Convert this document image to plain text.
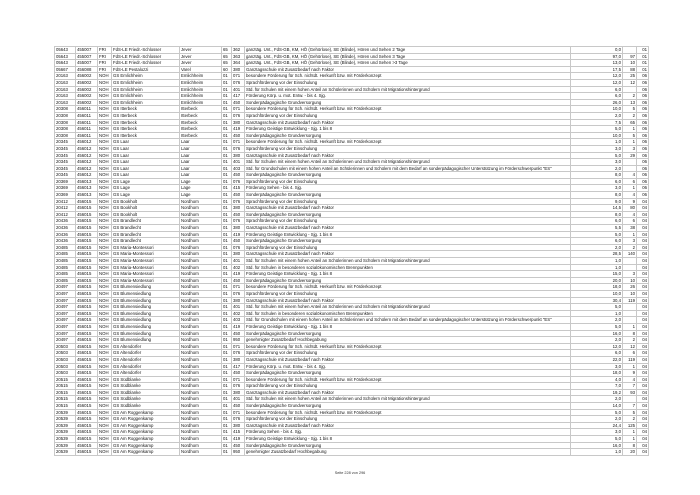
05643	455007	FRI	FdS-LE Friedr.-Schlosser	Jever	65	362	ganztäg. Unt., FdS-GB, KM, HÖ (Gehörlose), SE (Blinde), Hören und Sehen 2 Tage	0,0		01
05643	455007	FRI	FdS-LE Friedr.-Schlosser	Jever	65	363	ganztäg. Unt., FdS-GB, KM, HÖ (Gehörlose), SE (Blinde), Hören und Sehen 3 Tage	97,0	97	01
05643	455007	FRI	FdS-LE Friedr.-Schlosser	Jever	65	364	ganztäg. Unt., FdS-GB, KM, HÖ (Gehörlose), SE (Blinde), Hören und Sehen >3 Tage	13,0	10	01
05667	456088	FRI	FdS-LE Pestalozzi	Varel	60	380	Ganztagsschule mit Zusatzbedarf nach Faktor	17,5	88	01
20163	456002	NOH	GS Emlichheim	Emlichheim	01	071	besondere Förderung für Sch. nichtdt. Herkunft bzw. mit Förderkonzept	12,0	25	06
20163	456002	NOH	GS Emlichheim	Emlichheim	01	076	Sprachförderung vor der Einschulung	12,0	12	06
20163	456002	NOH	GS Emlichheim	Emlichheim	01	401	Std. für Schulen mit einem hohen Anteil an Schülerinnen und Schülern mit Migrationshintergrund	6,0		06
20163	456002	NOH	GS Emlichheim	Emlichheim	01	417	Förderung Körp. u. mot. Entw. - bis 4. Sjg.	6,0	2	06
20163	456002	NOH	GS Emlichheim	Emlichheim	01	450	Sonderpädagogische Grundversorgung	26,0	13	06
20308	456011	NOH	GS Itterbeck	Itterbeck	01	071	besondere Förderung für Sch. nichtdt. Herkunft bzw. mit Förderkonzept	10,0	5	06
20308	456011	NOH	GS Itterbeck	Itterbeck	01	076	Sprachförderung vor der Einschulung	2,0	2	06
20308	456011	NOH	GS Itterbeck	Itterbeck	01	380	Ganztagsschule mit Zusatzbedarf nach Faktor	7,5	65	06
20308	456011	NOH	GS Itterbeck	Itterbeck	01	419	Förderung Geistige Entwicklung - Sjg. 1 bis 8	5,0	1	06
20308	456011	NOH	GS Itterbeck	Itterbeck	01	450	Sonderpädagogische Grundversorgung	10,0	5	06
20345	456012	NOH	GS Laar	Laar	01	071	besondere Förderung für Sch. nichtdt. Herkunft bzw. mit Förderkonzept	1,0	1	06
20345	456012	NOH	GS Laar	Laar	01	076	Sprachförderung vor der Einschulung	3,0	3	06
20345	456012	NOH	GS Laar	Laar	01	380	Ganztagsschule mit Zusatzbedarf nach Faktor	5,0	29	06
20345	456012	NOH	GS Laar	Laar	01	401	Std. für Schulen mit einem hohen Anteil an Schülerinnen und Schülern mit Migrationshintergrund	3,0		06
20345	456012	NOH	GS Laar	Laar	01	403	Std. für Grundschulen mit einem hohen Anteil an Schülerinnen und Schülern mit dem Bedarf an sonderpädagogischer Unterstützung im Förderschwerpunkt "ES"	2,0		06
20345	456012	NOH	GS Laar	Laar	01	450	Sonderpädagogische Grundversorgung	8,0	4	06
20369	456013	NOH	GS Lage	Lage	01	076	Sprachförderung vor der Einschulung	6,0	6	06
20369	456013	NOH	GS Lage	Lage	01	415	Förderung Sehen - bis 4. Sjg.	3,0	1	06
20369	456013	NOH	GS Lage	Lage	01	450	Sonderpädagogische Grundversorgung	8,0	4	06
20412	456015	NOH	GS Bookholt	Nordhorn	01	076	Sprachförderung vor der Einschulung	9,0	9	04
20412	456015	NOH	GS Bookholt	Nordhorn	01	380	Ganztagsschule mit Zusatzbedarf nach Faktor	14,5	80	04
20412	456015	NOH	GS Bookholt	Nordhorn	01	450	Sonderpädagogische Grundversorgung	8,0	4	04
20436	456015	NOH	GS Brandlecht	Nordhorn	01	076	Sprachförderung vor der Einschulung	6,0	6	04
20436	456015	NOH	GS Brandlecht	Nordhorn	01	380	Ganztagsschule mit Zusatzbedarf nach Faktor	5,5	38	04
20436	456015	NOH	GS Brandlecht	Nordhorn	01	419	Förderung Geistige Entwicklung - Sjg. 1 bis 8	5,0	1	04
20436	456015	NOH	GS Brandlecht	Nordhorn	01	450	Sonderpädagogische Grundversorgung	6,0	3	04
20485	456015	NOH	GS Maria-Montessori	Nordhorn	01	076	Sprachförderung vor der Einschulung	2,0	2	04
20485	456015	NOH	GS Maria-Montessori	Nordhorn	01	380	Ganztagsschule mit Zusatzbedarf nach Faktor	28,5	140	04
20485	456015	NOH	GS Maria-Montessori	Nordhorn	01	401	Std. für Schulen mit einem hohen Anteil an Schülerinnen und Schülern mit Migrationshintergrund	1,0		04
20485	456015	NOH	GS Maria-Montessori	Nordhorn	01	402	Std. für Schulen in besonderen sozialökonomischen Brennpunkten	1,0		04
20485	456015	NOH	GS Maria-Montessori	Nordhorn	01	419	Förderung Geistige Entwicklung - Sjg. 1 bis 8	15,0	3	04
20485	456015	NOH	GS Maria-Montessori	Nordhorn	01	450	Sonderpädagogische Grundversorgung	20,0	10	04
20497	456015	NOH	GS Blumensiedlung	Nordhorn	01	071	besondere Förderung für Sch. nichtdt. Herkunft bzw. mit Förderkonzept	18,0	26	04
20497	456015	NOH	GS Blumensiedlung	Nordhorn	01	076	Sprachförderung vor der Einschulung	10,0	10	04
20497	456015	NOH	GS Blumensiedlung	Nordhorn	01	380	Ganztagsschule mit Zusatzbedarf nach Faktor	30,4	119	04
20497	456015	NOH	GS Blumensiedlung	Nordhorn	01	401	Std. für Schulen mit einem hohen Anteil an Schülerinnen und Schülern mit Migrationshintergrund	5,0		04
20497	456015	NOH	GS Blumensiedlung	Nordhorn	01	402	Std. für Schulen in besonderen sozialökonomischen Brennpunkten	1,0		04
20497	456015	NOH	GS Blumensiedlung	Nordhorn	01	403	Std. für Grundschulen mit einem hohen Anteil an Schülerinnen und Schülern mit dem Bedarf an sonderpädagogischer Unterstützung im Förderschwerpunkt "ES"	2,0		04
20497	456015	NOH	GS Blumensiedlung	Nordhorn	01	419	Förderung Geistige Entwicklung - Sjg. 1 bis 8	5,0	1	04
20497	456015	NOH	GS Blumensiedlung	Nordhorn	01	450	Sonderpädagogische Grundversorgung	16,0	8	04
20497	456015	NOH	GS Blumensiedlung	Nordhorn	01	950	genehmigter Zusatzbedarf Hochbegabung	2,0	2	04
20503	456015	NOH	GS Altendorfer	Nordhorn	01	071	besondere Förderung für Sch. nichtdt. Herkunft bzw. mit Förderkonzept	12,0	12	04
20503	456015	NOH	GS Altendorfer	Nordhorn	01	076	Sprachförderung vor der Einschulung	6,0	6	04
20503	456015	NOH	GS Altendorfer	Nordhorn	01	380	Ganztagsschule mit Zusatzbedarf nach Faktor	22,0	119	04
20503	456015	NOH	GS Altendorfer	Nordhorn	01	417	Förderung Körp. u. mot. Entw. - bis 4. Sjg.	3,0	1	04
20503	456015	NOH	GS Altendorfer	Nordhorn	01	450	Sonderpädagogische Grundversorgung	18,0	9	04
20515	456015	NOH	GS Südblanke	Nordhorn	01	071	besondere Förderung für Sch. nichtdt. Herkunft bzw. mit Förderkonzept	4,0	4	04
20515	456015	NOH	GS Südblanke	Nordhorn	01	076	Sprachförderung vor der Einschulung	7,0	7	04
20515	456015	NOH	GS Südblanke	Nordhorn	01	380	Ganztagsschule mit Zusatzbedarf nach Faktor	19,2	93	04
20515	456015	NOH	GS Südblanke	Nordhorn	01	401	Std. für Schulen mit einem hohen Anteil an Schülerinnen und Schülern mit Migrationshintergrund	2,0		04
20515	456015	NOH	GS Südblanke	Nordhorn	01	450	Sonderpädagogische Grundversorgung	14,0	7	04
20539	456015	NOH	GS Am Roggenkamp	Nordhorn	01	071	besondere Förderung für Sch. nichtdt. Herkunft bzw. mit Förderkonzept	5,0	5	04
20539	456015	NOH	GS Am Roggenkamp	Nordhorn	01	076	Sprachförderung vor der Einschulung	2,0	2	04
20539	456015	NOH	GS Am Roggenkamp	Nordhorn	01	380	Ganztagsschule mit Zusatzbedarf nach Faktor	24,4	125	04
20539	456015	NOH	GS Am Roggenkamp	Nordhorn	01	415	Förderung Sehen - bis 4. Sjg.	3,0	1	04
20539	456015	NOH	GS Am Roggenkamp	Nordhorn	01	419	Förderung Geistige Entwicklung - Sjg. 1 bis 8	5,0	1	04
20539	456015	NOH	GS Am Roggenkamp	Nordhorn	01	450	Sonderpädagogische Grundversorgung	16,0	8	04
20539	456015	NOH	GS Am Roggenkamp	Nordhorn	01	950	genehmigter Zusatzbedarf Hochbegabung	1,0	20	04
Seite 228 von 296
